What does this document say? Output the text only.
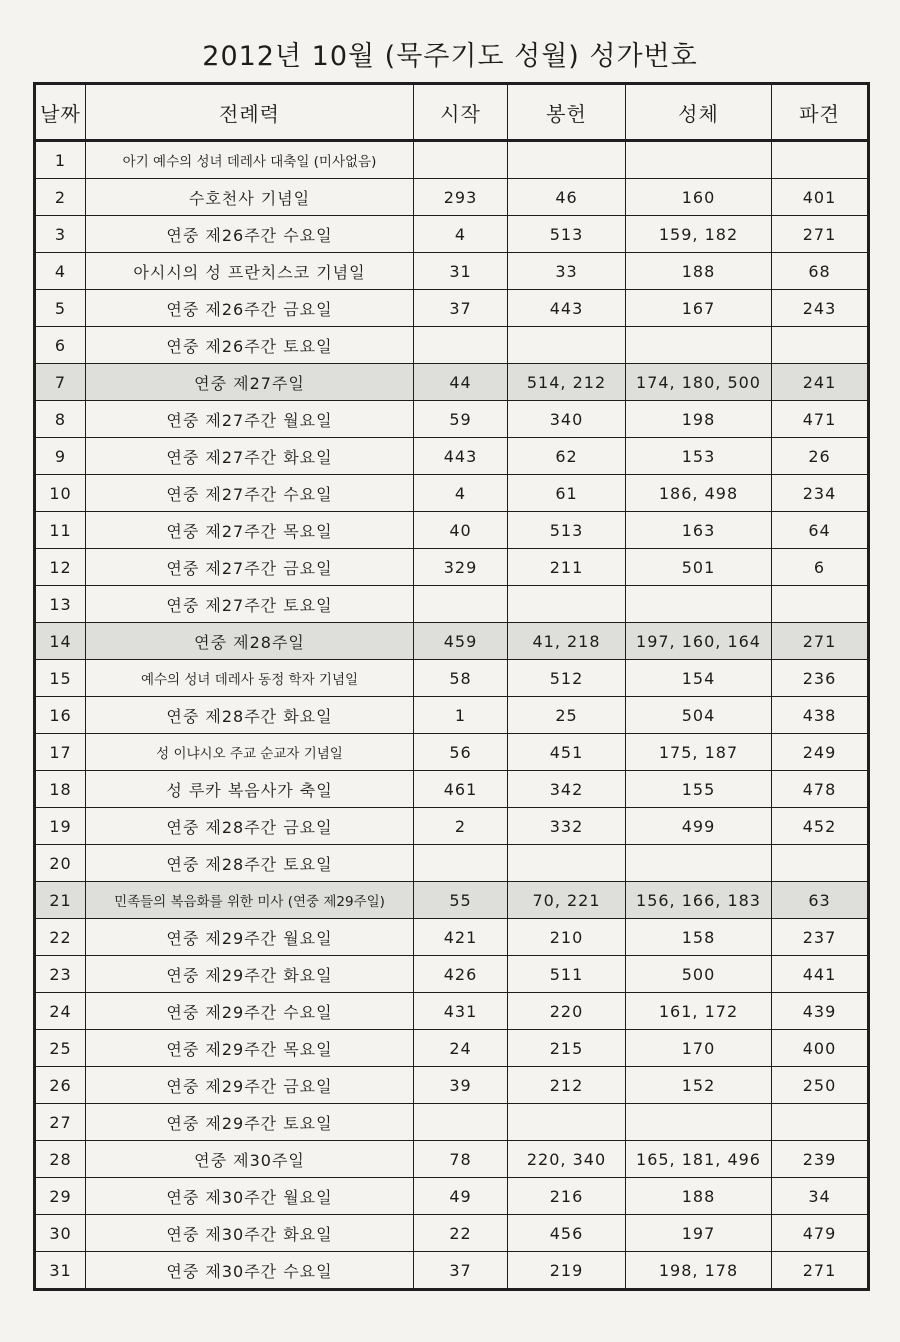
2012년 10월 (묵주기도 성월) 성가번호
날짜	전례력	시작	봉헌	성체	파견
1	아기 예수의 성녀 데레사 대축일 (미사없음)				
2	수호천사 기념일	293	46	160	401
3	연중 제26주간 수요일	4	513	159, 182	271
4	아시시의 성 프란치스코 기념일	31	33	188	68
5	연중 제26주간 금요일	37	443	167	243
6	연중 제26주간 토요일				
7	연중 제27주일	44	514, 212	174, 180, 500	241
8	연중 제27주간 월요일	59	340	198	471
9	연중 제27주간 화요일	443	62	153	26
10	연중 제27주간 수요일	4	61	186, 498	234
11	연중 제27주간 목요일	40	513	163	64
12	연중 제27주간 금요일	329	211	501	6
13	연중 제27주간 토요일				
14	연중 제28주일	459	41, 218	197, 160, 164	271
15	예수의 성녀 데레사 동정 학자 기념일	58	512	154	236
16	연중 제28주간 화요일	1	25	504	438
17	성 이냐시오 주교 순교자 기념일	56	451	175, 187	249
18	성 루카 복음사가 축일	461	342	155	478
19	연중 제28주간 금요일	2	332	499	452
20	연중 제28주간 토요일				
21	민족들의 복음화를 위한 미사 (연중 제29주일)	55	70, 221	156, 166, 183	63
22	연중 제29주간 월요일	421	210	158	237
23	연중 제29주간 화요일	426	511	500	441
24	연중 제29주간 수요일	431	220	161, 172	439
25	연중 제29주간 목요일	24	215	170	400
26	연중 제29주간 금요일	39	212	152	250
27	연중 제29주간 토요일				
28	연중 제30주일	78	220, 340	165, 181, 496	239
29	연중 제30주간 월요일	49	216	188	34
30	연중 제30주간 화요일	22	456	197	479
31	연중 제30주간 수요일	37	219	198, 178	271
